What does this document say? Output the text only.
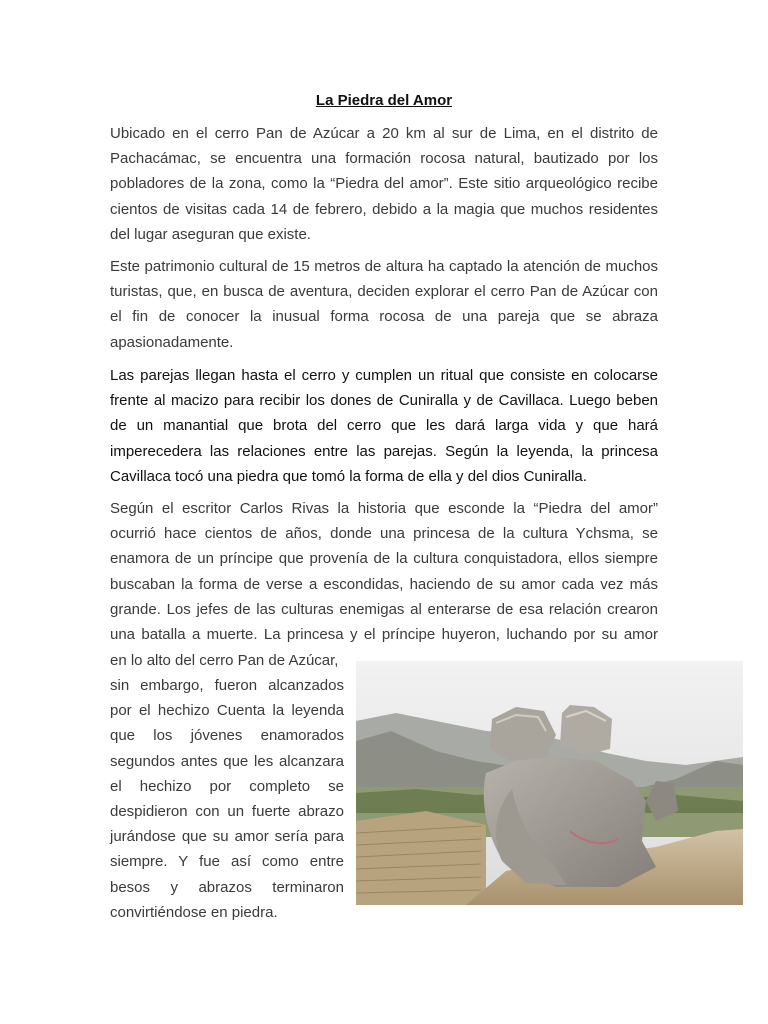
La Piedra del Amor
Ubicado en el cerro Pan de Azúcar a 20 km al sur de Lima, en el distrito de
Pachacámac, se encuentra una formación rocosa natural, bautizado por los
pobladores de la zona, como la “Piedra del amor”. Este sitio arqueológico recibe
cientos de visitas cada 14 de febrero, debido a la magia que muchos residentes
del lugar aseguran que existe.
Este patrimonio cultural de 15 metros de altura ha captado la atención de muchos
turistas, que, en busca de aventura, deciden explorar el cerro Pan de Azúcar con
el fin de conocer la inusual forma rocosa de una pareja que se abraza
apasionadamente.
Las parejas llegan hasta el cerro y cumplen un ritual que consiste en colocarse
frente al macizo para recibir los dones de Cuniralla y de Cavillaca. Luego beben
de un manantial que brota del cerro que les dará larga vida y que hará
imperecedera las relaciones entre las parejas. Según la leyenda, la princesa
Cavillaca tocó una piedra que tomó la forma de ella y del dios Cuniralla.
Según el escritor Carlos Rivas la historia que esconde la “Piedra del amor”
ocurrió hace cientos de años, donde una princesa de la cultura Ychsma, se
enamora de un príncipe que provenía de la cultura conquistadora, ellos siempre
buscaban la forma de verse a escondidas, haciendo de su amor cada vez más
grande. Los jefes de las culturas enemigas al enterarse de esa relación crearon
una batalla a muerte. La princesa y el príncipe huyeron, luchando por su amor
en lo alto del cerro Pan de Azúcar,
sin embargo, fueron alcanzados
por el hechizo Cuenta la leyenda
que los jóvenes enamorados
segundos antes que les alcanzara
el hechizo por completo se
despidieron con un fuerte abrazo
jurándose que su amor sería para
siempre. Y fue así como entre
besos y abrazos terminaron
convirtiéndose en piedra.
